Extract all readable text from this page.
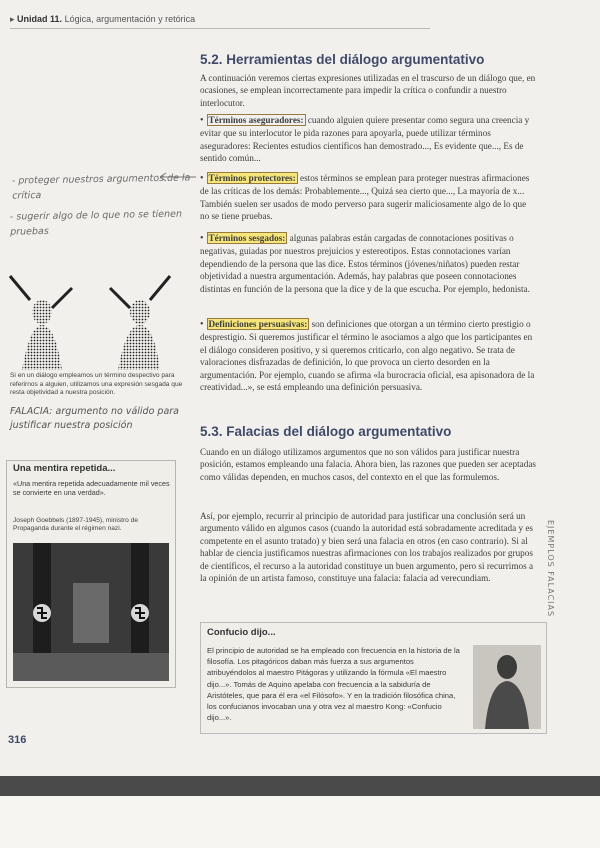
▸ Unidad 11. Lógica, argumentación y retórica
5.2. Herramientas del diálogo argumentativo

A continuación veremos ciertas expresiones utilizadas en el trascurso de un diálogo que, en ocasiones, se emplean incorrectamente para impedir la crítica o confundir a nuestro interlocutor.

• Términos aseguradores: cuando alguien quiere presentar como segura una creencia y evitar que su interlocutor le pida razones para apoyarla, puede utilizar términos aseguradores: Recientes estudios científicos han demostrado..., Es evidente que..., Es de sentido común...

• Términos protectores: estos términos se emplean para proteger nuestras afirmaciones de las críticas de los demás: Probablemente..., Quizá sea cierto que..., La mayoría de x... También suelen ser usados de modo perverso para sugerir maliciosamente algo de lo que no se tiene pruebas.

• Términos sesgados: algunas palabras están cargadas de connotaciones positivas o negativas, guiadas por nuestros prejuicios y estereotipos. Estas connotaciones varían dependiendo de la persona que las dice. Estos términos (jóvenes/niñatos) pueden restar objetividad a nuestra argumentación. Además, hay palabras que poseen connotaciones distintas en función de la persona que la dice y de la que escucha. Por ejemplo, hedonista.

• Definiciones persuasivas: son definiciones que otorgan a un término cierto prestigio o desprestigio. Si queremos justificar el término le asociamos a algo que los participantes en el diálogo consideren positivo, y si queremos criticarlo, con algo negativo. Se trata de valoraciones disfrazadas de definición, lo que provoca un cierto desorden en la argumentación. Por ejemplo, cuando se afirma «la burocracia oficial, esa apisonadora de la creatividad...», se está empleando una definición persuasiva.

5.3. Falacias del diálogo argumentativo

Cuando en un diálogo utilizamos argumentos que no son válidos para justificar nuestra posición, estamos empleando una falacia. Ahora bien, las razones que pueden ser aceptadas como válidas dependen, en muchos casos, del contexto en el que las formulemos.

Así, por ejemplo, recurrir al principio de autoridad para justificar una conclusión será un argumento válido en algunos casos (cuando la autoridad está sobradamente acreditada y es competente en el asunto tratado) y bien será una falacia en otros (en caso contrario). Si al hablar de ciencia justificamos nuestras afirmaciones con los trabajos realizados por grupos de científicos, el recurso a la autoridad constituye un buen argumento, pero si recurrimos a la opinión de un artista famoso, constituye una falacia: falacia ad verecundiam.

- proteger nuestros argumentos de la crítica
- sugerir algo de lo que no se tienen pruebas
Si en un diálogo empleamos un término despectivo para referirnos a alguien, utilizamos una expresión sesgada que resta objetividad a nuestra posición.
FALACIA: argumento no válido para justificar nuestra posición
Una mentira repetida...
«Una mentira repetida adecuadamente mil veces se convierte en una verdad».
Joseph Goebbels (1897-1945), ministro de Propaganda durante el régimen nazi.
Confucio dijo...
El principio de autoridad se ha empleado con frecuencia en la historia de la filosofía. Los pitagóricos daban más fuerza a sus argumentos atribuyéndolos al maestro Pitágoras y utilizando la fórmula «El maestro dijo...». Tomás de Aquino apelaba con frecuencia a la sabiduría de Aristóteles, que para él era «el Filósofo». Y en la tradición filosófica china, los confucianos invocaban una y otra vez al maestro Kong: «Confucio dijo...».
EJEMPLOS FALACIAS
316
